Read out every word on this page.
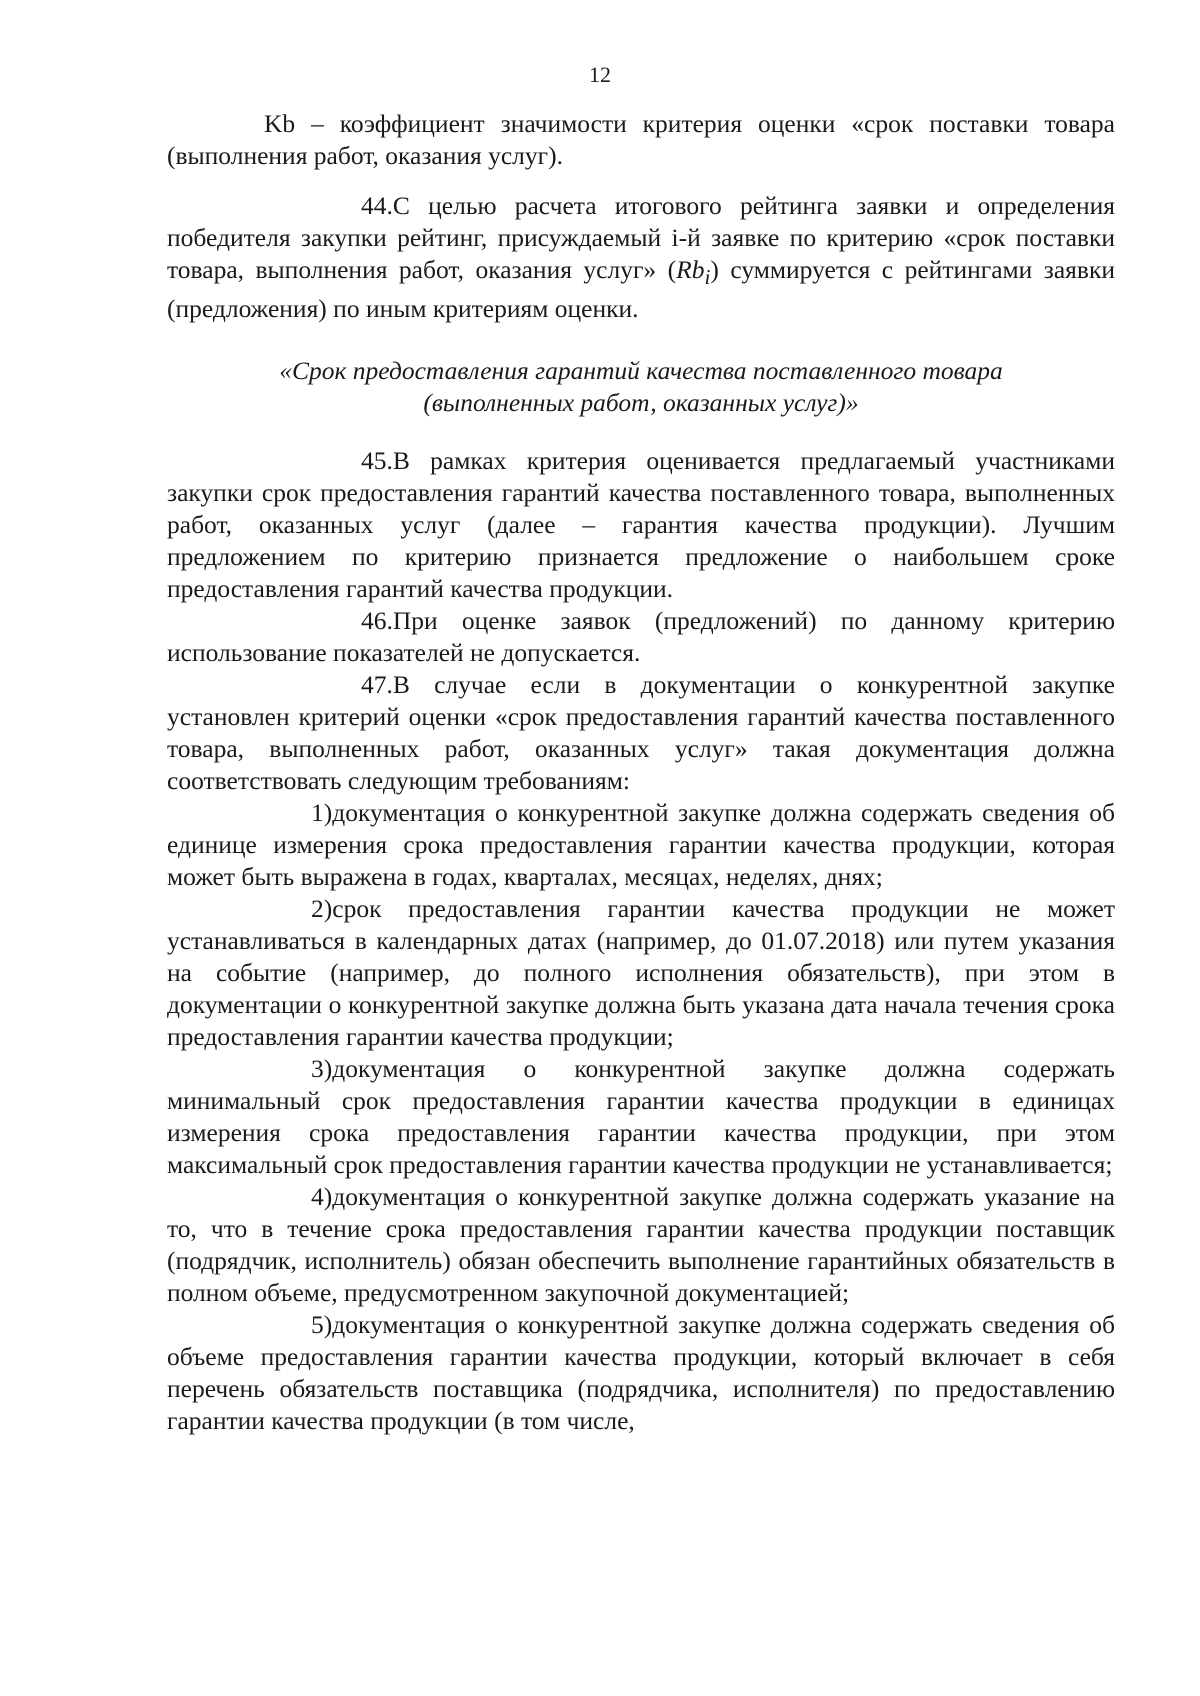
12

Kb – коэффициент значимости критерия оценки «срок поставки товара (выполнения работ, оказания услуг).

44.С целью расчета итогового рейтинга заявки и определения победителя закупки рейтинг, присуждаемый i-й заявке по критерию «срок поставки товара, выполнения работ, оказания услуг» $(Rb_i)$ суммируется с рейтингами заявки (предложения) по иным критериям оценки.

«Срок предоставления гарантий качества поставленного товара
(выполненных работ, оказанных услуг)»

45.В рамках критерия оценивается предлагаемый участниками закупки срок предоставления гарантий качества поставленного товара, выполненных работ, оказанных услуг (далее – гарантия качества продукции). Лучшим предложением по критерию признается предложение о наибольшем сроке предоставления гарантий качества продукции.

46.При оценке заявок (предложений) по данному критерию использование показателей не допускается.

47.В случае если в документации о конкурентной закупке установлен критерий оценки «срок предоставления гарантий качества поставленного товара, выполненных работ, оказанных услуг» такая документация должна соответствовать следующим требованиям:

1)документация о конкурентной закупке должна содержать сведения об единице измерения срока предоставления гарантии качества продукции, которая может быть выражена в годах, кварталах, месяцах, неделях, днях;

2)срок предоставления гарантии качества продукции не может устанавливаться в календарных датах (например, до 01.07.2018) или путем указания на событие (например, до полного исполнения обязательств), при этом в документации о конкурентной закупке должна быть указана дата начала течения срока предоставления гарантии качества продукции;

3)документация о конкурентной закупке должна содержать минимальный срок предоставления гарантии качества продукции в единицах измерения срока предоставления гарантии качества продукции, при этом максимальный срок предоставления гарантии качества продукции не устанавливается;

4)документация о конкурентной закупке должна содержать указание на то, что в течение срока предоставления гарантии качества продукции поставщик (подрядчик, исполнитель) обязан обеспечить выполнение гарантийных обязательств в полном объеме, предусмотренном закупочной документацией;

5)документация о конкурентной закупке должна содержать сведения об объеме предоставления гарантии качества продукции, который включает в себя перечень обязательств поставщика (подрядчика, исполнителя) по предоставлению гарантии качества продукции (в том числе,
